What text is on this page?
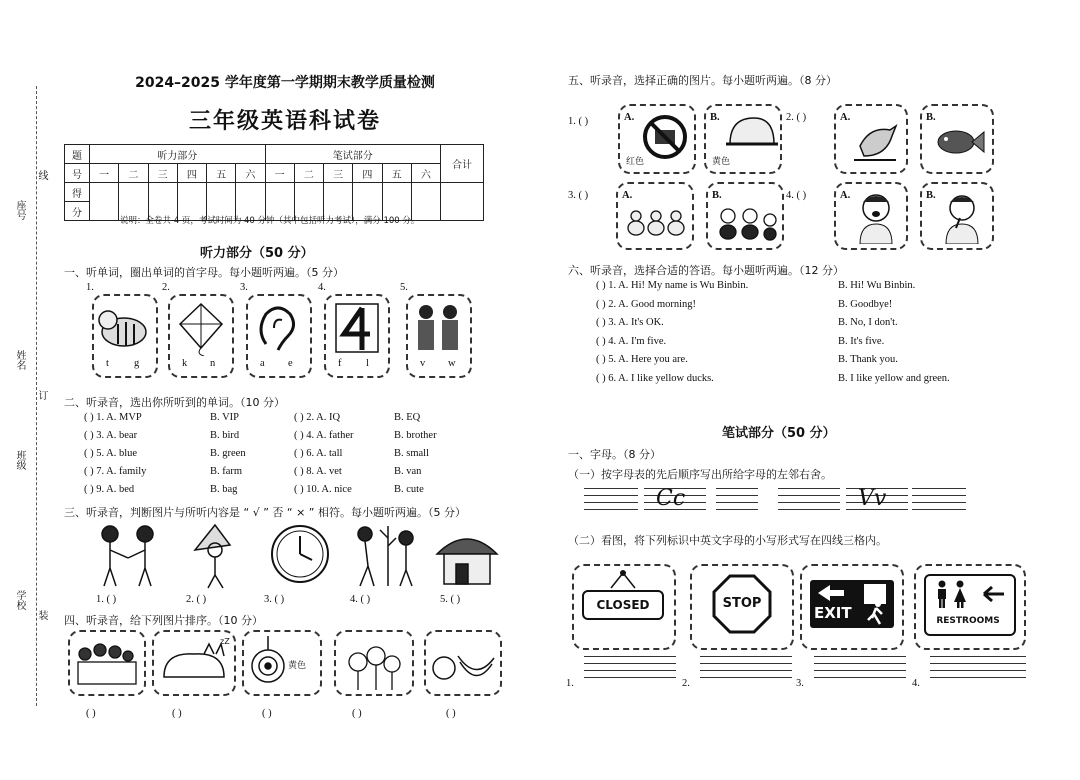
线
座号
姓名
订
班级
学校
装
2024–2025 学年度第一学期期末教学质量检测
三年级英语科试卷
题	听力部分						笔试部分						合计
号	一	二	三	四	五	六	一	二	三	四	五	六	
得													
分													
说明：全卷共 4 页，考试时间为 40 分钟（其中包括听力考试），满分 100 分。
听力部分（50 分）
一、听单词，圈出单词的首字母。每小题听两遍。（5 分）
二、听录音，选出你所听到的单词。（10 分）
三、听录音，判断图片与所听内容是 “ √ ” 否 “ × ” 相符。每小题听两遍。（5 分）
四、听录音，给下列图片排序。（10 分）
zZ
黄色
五、听录音，选择正确的图片。每小题听两遍。（8 分）
1. ( )	A.
红色
B.
黄色
2. ( )	A.	B.
3. ( )	A.	B.	4. ( )	A.	B.
六、听录音，选择合适的答语。每小题听两遍。（12 分）
笔试部分（50 分）
一、字母。（8 分）
（一）按字母表的先后顺序写出所给字母的左邻右舍。
Cc	Vv
（二）看图，将下列标识中英文字母的小写形式写在四线三格内。
CLOSED	STOP
EXIT	RESTROOMS
1.
t g
2.
k n
3.
a e
4.
f l
5.
v w
( ) 1. A. MVP	B. VIP
( ) 3. A. bear	B. bird
( ) 5. A. blue	B. green
( ) 7. A. family	B. farm
( ) 9. A. bed	B. bag
( ) 2. A. IQ	B. EQ
( ) 4. A. father	B. brother
( ) 6. A. tall	B. small
( ) 8. A. vet	B. van
( ) 10. A. nice	B. cute
1. ( )	2. ( )	3. ( )	4. ( )	5. ( )
( )	( )	( )	( )	( )
( ) 1. A. Hi! My name is Wu Binbin.	B. Hi! Wu Binbin.
( ) 2. A. Good morning!	B. Goodbye!
( ) 3. A. It's OK.	B. No, I don't.
( ) 4. A. I'm five.	B. It's five.
( ) 5. A. Here you are.	B. Thank you.
( ) 6. A. I like yellow ducks.	B. I like yellow and green.
1.	2.	3.	4.
